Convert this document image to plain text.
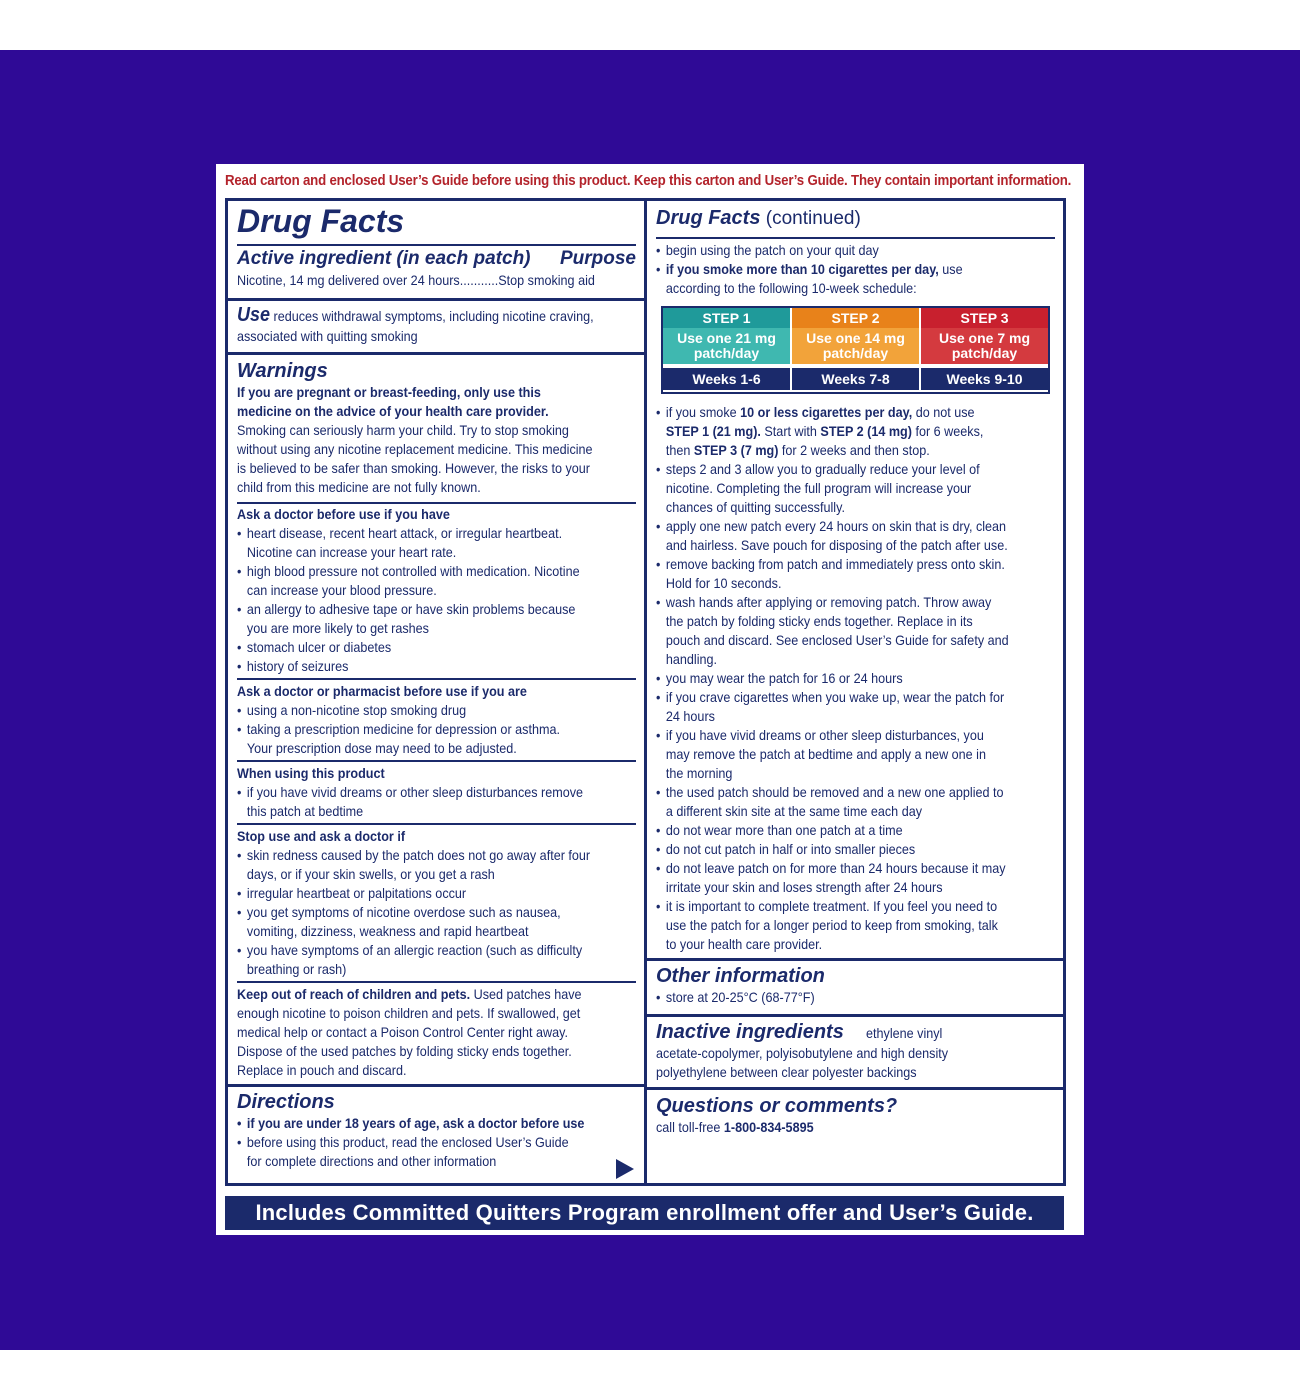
Read carton and enclosed User’s Guide before using this product. Keep this carton and User’s Guide. They contain important information.
Drug Facts
Active ingredient (in each patch) Purpose
Nicotine, 14 mg delivered over 24 hours...........Stop smoking aid
Use reduces withdrawal symptoms, including nicotine craving,
associated with quitting smoking
Warnings
If you are pregnant or breast-feeding, only use this
medicine on the advice of your health care provider.
Smoking can seriously harm your child. Try to stop smoking
without using any nicotine replacement medicine. This medicine
is believed to be safer than smoking. However, the risks to your
child from this medicine are not fully known.
Ask a doctor before use if you have
• heart disease, recent heart attack, or irregular heartbeat.
Nicotine can increase your heart rate.
• high blood pressure not controlled with medication. Nicotine
can increase your blood pressure.
• an allergy to adhesive tape or have skin problems because
you are more likely to get rashes
• stomach ulcer or diabetes
• history of seizures
Ask a doctor or pharmacist before use if you are
• using a non-nicotine stop smoking drug
• taking a prescription medicine for depression or asthma.
Your prescription dose may need to be adjusted.
When using this product
• if you have vivid dreams or other sleep disturbances remove
this patch at bedtime
Stop use and ask a doctor if
• skin redness caused by the patch does not go away after four
days, or if your skin swells, or you get a rash
• irregular heartbeat or palpitations occur
• you get symptoms of nicotine overdose such as nausea,
vomiting, dizziness, weakness and rapid heartbeat
• you have symptoms of an allergic reaction (such as difficulty
breathing or rash)
Keep out of reach of children and pets. Used patches have
enough nicotine to poison children and pets. If swallowed, get
medical help or contact a Poison Control Center right away.
Dispose of the used patches by folding sticky ends together.
Replace in pouch and discard.
Directions
• if you are under 18 years of age, ask a doctor before use
• before using this product, read the enclosed User’s Guide
for complete directions and other information
Drug Facts (continued)
• begin using the patch on your quit day
• if you smoke more than 10 cigarettes per day, use
according to the following 10-week schedule:
STEP 1
Use one 21 mg
patch/day
Weeks 1-6
STEP 2
Use one 14 mg
patch/day
Weeks 7-8
STEP 3
Use one 7 mg
patch/day
Weeks 9-10
• if you smoke 10 or less cigarettes per day, do not use
STEP 1 (21 mg). Start with STEP 2 (14 mg) for 6 weeks,
then STEP 3 (7 mg) for 2 weeks and then stop.
• steps 2 and 3 allow you to gradually reduce your level of
nicotine. Completing the full program will increase your
chances of quitting successfully.
• apply one new patch every 24 hours on skin that is dry, clean
and hairless. Save pouch for disposing of the patch after use.
• remove backing from patch and immediately press onto skin.
Hold for 10 seconds.
• wash hands after applying or removing patch. Throw away
the patch by folding sticky ends together. Replace in its
pouch and discard. See enclosed User’s Guide for safety and
handling.
• you may wear the patch for 16 or 24 hours
• if you crave cigarettes when you wake up, wear the patch for
24 hours
• if you have vivid dreams or other sleep disturbances, you
may remove the patch at bedtime and apply a new one in
the morning
• the used patch should be removed and a new one applied to
a different skin site at the same time each day
• do not wear more than one patch at a time
• do not cut patch in half or into smaller pieces
• do not leave patch on for more than 24 hours because it may
irritate your skin and loses strength after 24 hours
• it is important to complete treatment. If you feel you need to
use the patch for a longer period to keep from smoking, talk
to your health care provider.
Other information
• store at 20-25°C (68-77°F)
Inactive ingredients ethylene vinyl
acetate-copolymer, polyisobutylene and high density
polyethylene between clear polyester backings
Questions or comments?
call toll-free 1-800-834-5895
Includes Committed Quitters Program enrollment offer and User’s Guide.
